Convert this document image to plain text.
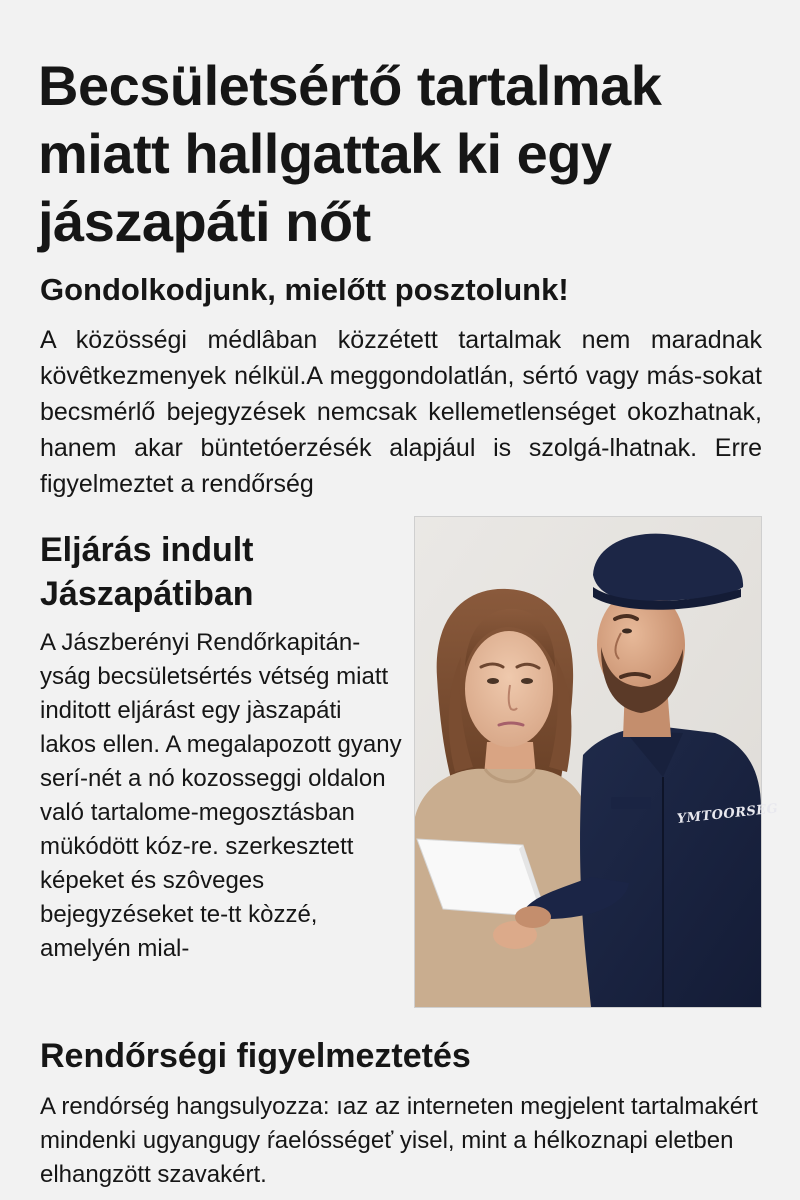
Becsületsértő tartalmak miatt hallgattak ki egy jászapáti nőt
Gondolkodjunk, mielőtt posztolunk!

A közösségi médlâban közzétett tartalmak nem maradnak kövêtkezmenyek nélkül.A meggondolatlán, sértó vagy más-sokat becsmérlő bejegyzések nemcsak kellemetlenséget okozhatnak, hanem akar büntetóerzésék alapjául is szolgá-lhatnak. Erre figyelmeztet a rendőrség

Eljárás indult Jászapátiban

A Jászberényi Rendőrkapitán-yság becsületsértés vétség miatt inditott eljárást egy jàszapáti lakos ellen. A megalapozott gyany serí-nét a nó kozosseggi oldalon való tartalome-megosztásban mükódött kóz-re. szerkesztett képeket és szôveges bejegyzéseket te-tt kòzzé, amelyén mial-

YMTOORSEG
Rendőrségi figyelmeztetés

A rendórség hangsulyozza: ıaz az interneten megjelent tartalmakért mindenki ugyangugy ŕaelósségeť yisel, mint a hélkoznapi eletben elhangzött szavakért.
